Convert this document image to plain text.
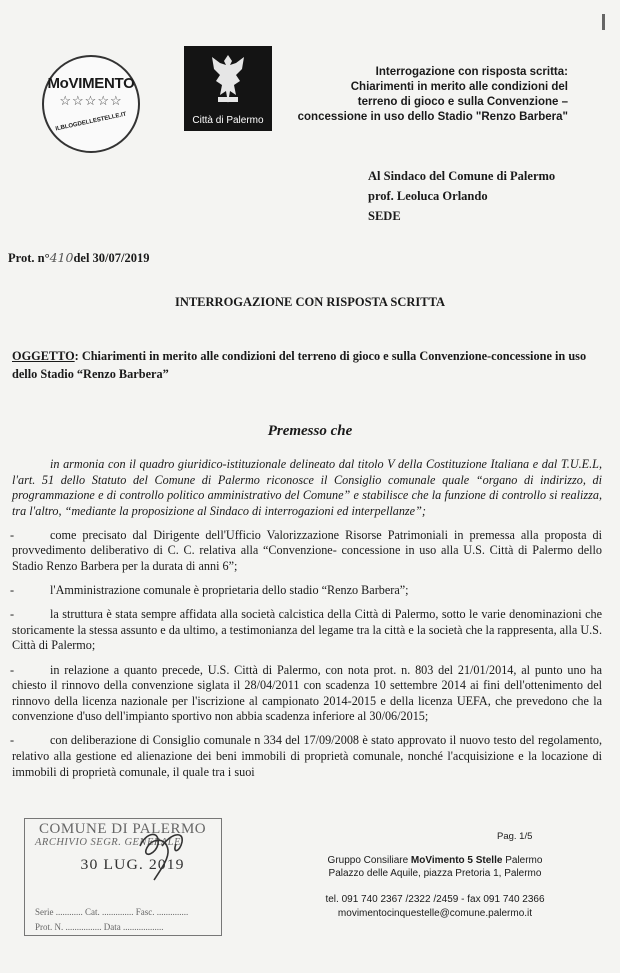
MoVIMENTO
☆☆☆☆☆
ILBLOGDELLESTELLE.IT	Città di Palermo
Interrogazione con risposta scritta:
Chiarimenti in merito alle condizioni del
terreno di gioco e sulla Convenzione –
concessione in uso dello Stadio "Renzo Barbera"
Al Sindaco del Comune di Palermo
prof. Leoluca Orlando
SEDE
Prot. n°410del 30/07/2019
INTERROGAZIONE CON RISPOSTA SCRITTA
OGGETTO: Chiarimenti in merito alle condizioni del terreno di gioco e sulla Convenzione-concessione in uso dello Stadio “Renzo Barbera”
Premesso che

in armonia con il quadro giuridico-istituzionale delineato dal titolo V della Costituzione Italiana e dal T.U.E.L, l'art. 51 dello Statuto del Comune di Palermo riconosce il Consiglio comunale quale “organo di indirizzo, di programmazione e di controllo politico amministrativo del Comune” e stabilisce che la funzione di controllo si realizza, tra l'altro, “mediante la proposizione al Sindaco di interrogazioni ed interpellanze”;

-	come precisato dal Dirigente dell'Ufficio Valorizzazione Risorse Patrimoniali in premessa alla proposta di provvedimento deliberativo di C. C. relativa alla “Convenzione- concessione in uso alla U.S. Città di Palermo dello Stadio Renzo Barbera per la durata di anni 6”;

-	l'Amministrazione comunale è proprietaria dello stadio “Renzo Barbera”;

-	la struttura è stata sempre affidata alla società calcistica della Città di Palermo, sotto le varie denominazioni che storicamente la stessa assunto e da ultimo, a testimonianza del legame tra la città e la società che la rappresenta, alla U.S. Città di Palermo;

-	in relazione a quanto precede, U.S. Città di Palermo, con nota prot. n. 803 del 21/01/2014, al punto uno ha chiesto il rinnovo della convenzione siglata il 28/04/2011 con scadenza 10 settembre 2014 ai fini dell'ottenimento del rinnovo della licenza nazionale per l'iscrizione al campionato 2014-2015 e della licenza UEFA, che prevedono che la convenzione d'uso dell'impianto sportivo non abbia scadenza inferiore al 30/06/2015;

-	con deliberazione di Consiglio comunale n 334 del 17/09/2008 è stato approvato il nuovo testo del regolamento, relativo alla gestione ed alienazione dei beni immobili di proprietà comunale, nonché l'acquisizione e la locazione di immobili di proprietà comunale, il quale tra i suoi

COMUNE DI PALERMO
ARCHIVIO SEGR. GENERALE
30 LUG. 2019
Serie ............ Cat. .............. Fasc. ..............
Prot. N. ................ Data ..................
Pag. 1/5
Gruppo Consiliare MoVimento 5 Stelle Palermo
Palazzo delle Aquile, piazza Pretoria 1, Palermo
tel. 091 740 2367 /2322 /2459 - fax 091 740 2366
movimentocinquestelle@comune.palermo.it
